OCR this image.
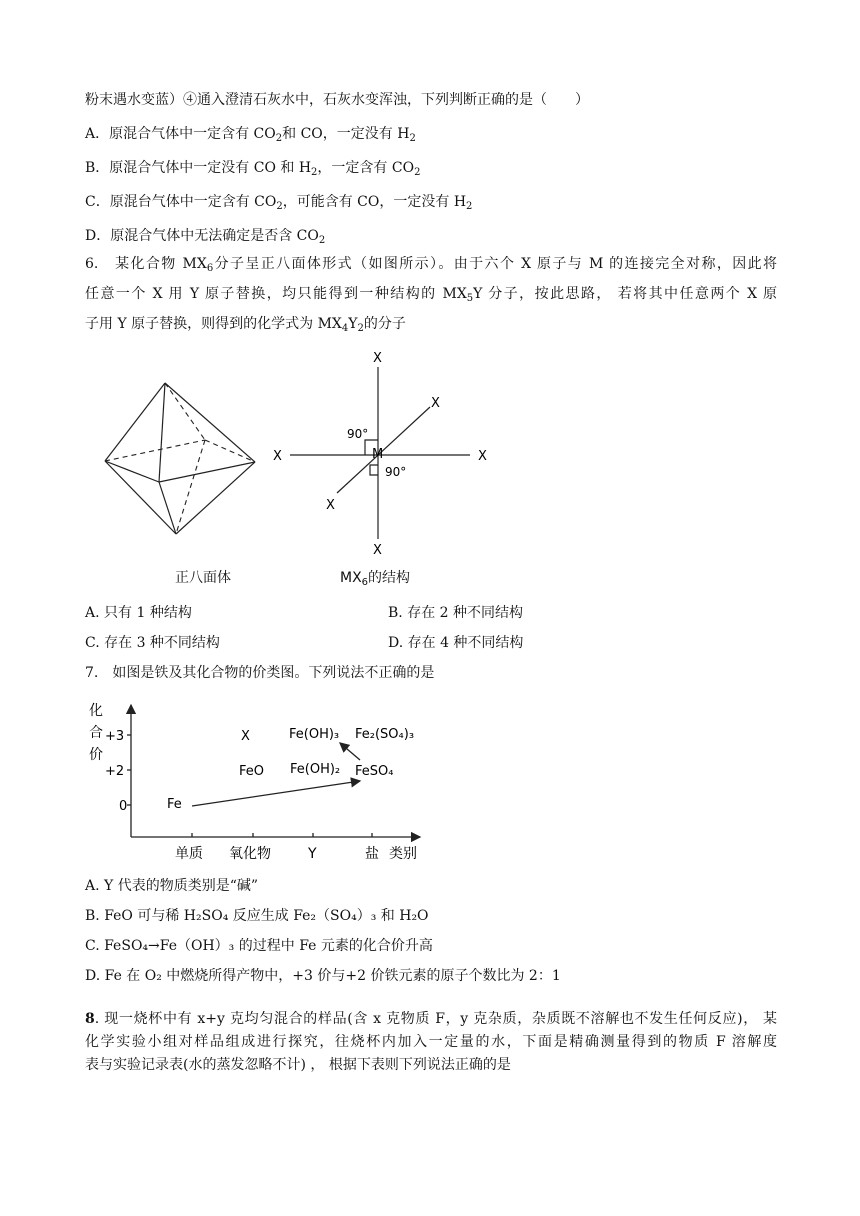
粉末遇水变蓝）④通入澄清石灰水中，石灰水变浑浊，下列判断正确的是（　　）
A．原混合气体中一定含有 $CO_2$和 CO，一定没有 $H_2$
B．原混合气体中一定没有 CO 和 $H_2$，一定含有 $CO_2$
C．原混台气体中一定含有 $CO_2$，可能含有 CO，一定没有 $H_2$
D．原混合气体中无法确定是否含 $CO_2$
6.　某化合物 $MX_6$分子呈正八面体形式（如图所示）。由于六个 X 原子与 M 的连接完全对称，因此将
任意一个 X 用 Y 原子替换，均只能得到一种结构的 $MX_5Y$ 分子，按此思路， 若将其中任意两个 X 原
子用 Y 原子替换，则得到的化学式为 $MX_4Y_2$的分子
正八面体
X
X
X	X
X
X
M
90°
90°
$MX_6$的结构
A. 只有 1 种结构	B. 存在 2 种不同结构
C. 存在 3 种不同结构	D. 存在 4 种不同结构
7.　如图是铁及其化合物的价类图。下列说法不正确的是
化
合
价
+3
+2
0
单质 氧化物	Y	盐 类别
Fe
X
FeO
Fe(OH)₃ Fe₂(SO₄)₃
Fe(OH)₂ FeSO₄
A. Y 代表的物质类别是“碱”
B. FeO 可与稀 H₂SO₄ 反应生成 Fe₂（SO₄）₃ 和 H₂O
C. FeSO₄→Fe（OH）₃ 的过程中 Fe 元素的化合价升高
D. Fe 在 O₂ 中燃烧所得产物中，+3 价与+2 价铁元素的原子个数比为 2：1
8. 现一烧杯中有 x+y 克均匀混合的样品(含 x 克物质 F，y 克杂质，杂质既不溶解也不发生任何反应)， 某
化学实验小组对样品组成进行探究，往烧杯内加入一定量的水，下面是精确测量得到的物质 F 溶解度
表与实验记录表(水的蒸发忽略不计) ， 根据下表则下列说法正确的是
